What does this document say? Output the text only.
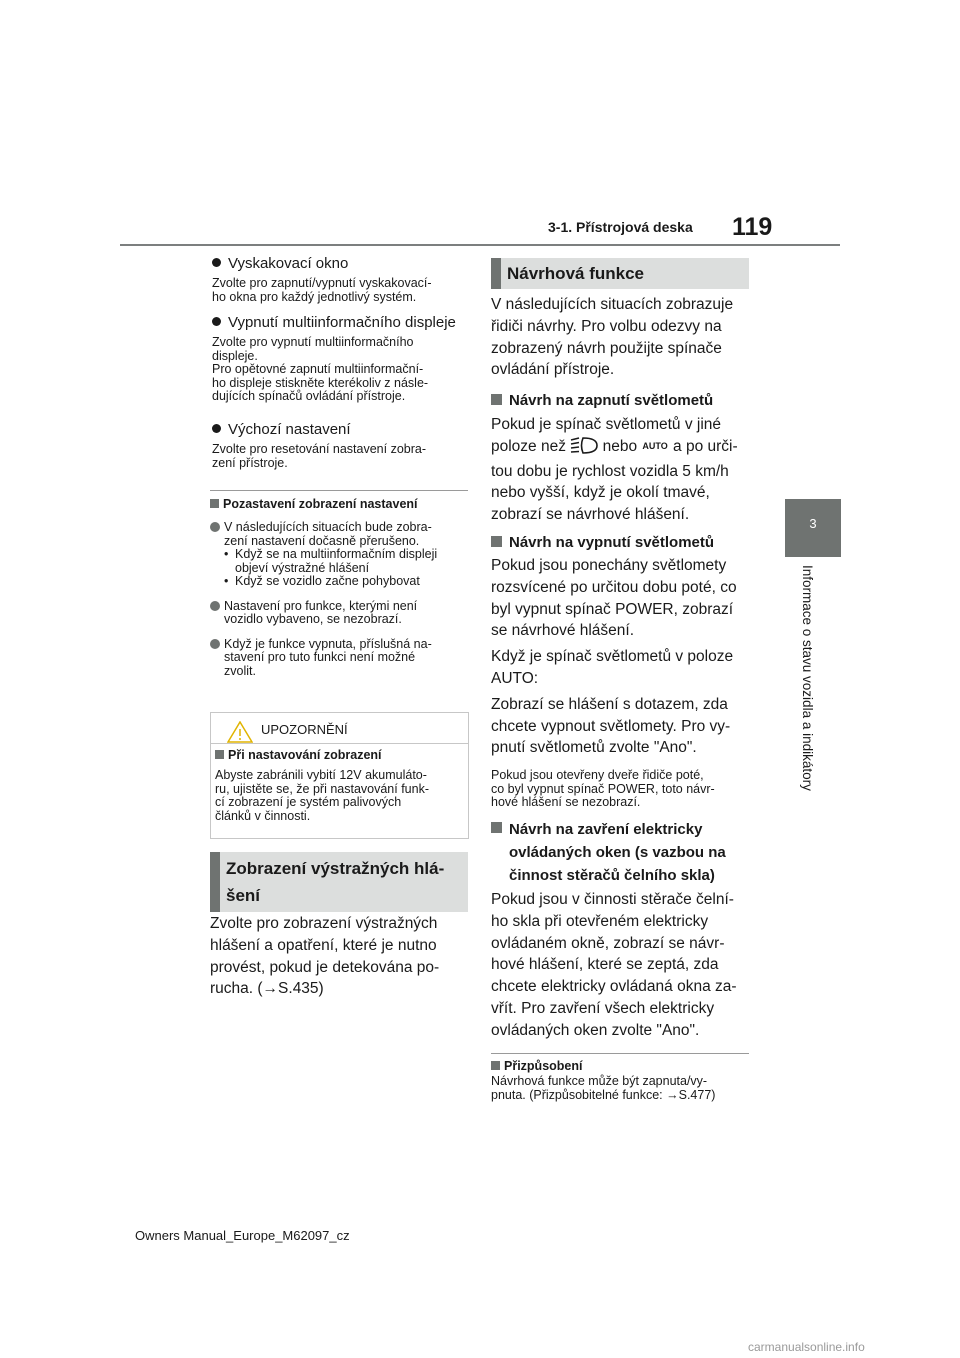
3-1. Přístrojová deska 119
3
Informace o stavu vozidla a indikátory

Vyskakovací okno

Zvolte pro zapnutí/vypnutí vyskakovací-
ho okna pro každý jednotlivý systém.

Vypnutí multiinformačního displeje

Zvolte pro vypnutí multiinformačního
displeje.
Pro opětovné zapnutí multiinformační-
ho displeje stiskněte kterékoliv z násle-
dujících spínačů ovládání přístroje.

Výchozí nastavení

Zvolte pro resetování nastavení zobra-
zení přístroje.

Pozastavení zobrazení nastavení

V následujících situacích bude zobra-
zení nastavení dočasně přerušeno.
• Když se na multiinformačním displeji
objeví výstražné hlášení
• Když se vozidlo začne pohybovat
Nastavení pro funkce, kterými není
vozidlo vybaveno, se nezobrazí.
Když je funkce vypnuta, příslušná na-
stavení pro tuto funkci není možné
zvolit.
UPOZORNĚNÍ

Při nastavování zobrazení

Abyste zabránili vybití 12V akumuláto-
ru, ujistěte se, že při nastavování funk-
cí zobrazení je systém palivových
článků v činnosti.

Zobrazení výstražných hlá-
šení

Zvolte pro zobrazení výstražných
hlášení a opatření, které je nutno
provést, pokud je detekována po-
rucha. (→S.435)

Návrhová funkce

V následujících situacích zobrazuje
řidiči návrhy. Pro volbu odezvy na
zobrazený návrh použijte spínače
ovládání přístroje.

Návrh na zapnutí světlometů

Pokud je spínač světlometů v jiné

poloze než  nebo AUTO a po urči-

tou dobu je rychlost vozidla 5 km/h
nebo vyšší, když je okolí tmavé,
zobrazí se návrhové hlášení.

Návrh na vypnutí světlometů

Pokud jsou ponechány světlomety
rozsvícené po určitou dobu poté, co
byl vypnut spínač POWER, zobrazí
se návrhové hlášení.

Když je spínač světlometů v poloze
AUTO:

Zobrazí se hlášení s dotazem, zda
chcete vypnout světlomety. Pro vy-
pnutí světlometů zvolte "Ano".

Pokud jsou otevřeny dveře řidiče poté,
co byl vypnut spínač POWER, toto návr-
hové hlášení se nezobrazí.

Návrh na zavření elektricky
ovládaných oken (s vazbou na
činnost stěračů čelního skla)

Pokud jsou v činnosti stěrače čelní-
ho skla při otevřeném elektricky
ovládaném okně, zobrazí se návr-
hové hlášení, které se zeptá, zda
chcete elektricky ovládaná okna za-
vřít. Pro zavření všech elektricky
ovládaných oken zvolte "Ano".

Přizpůsobení

Návrhová funkce může být zapnuta/vy-
pnuta. (Přizpůsobitelné funkce: →S.477)

Owners Manual_Europe_M62097_cz
carmanualsonline.info
